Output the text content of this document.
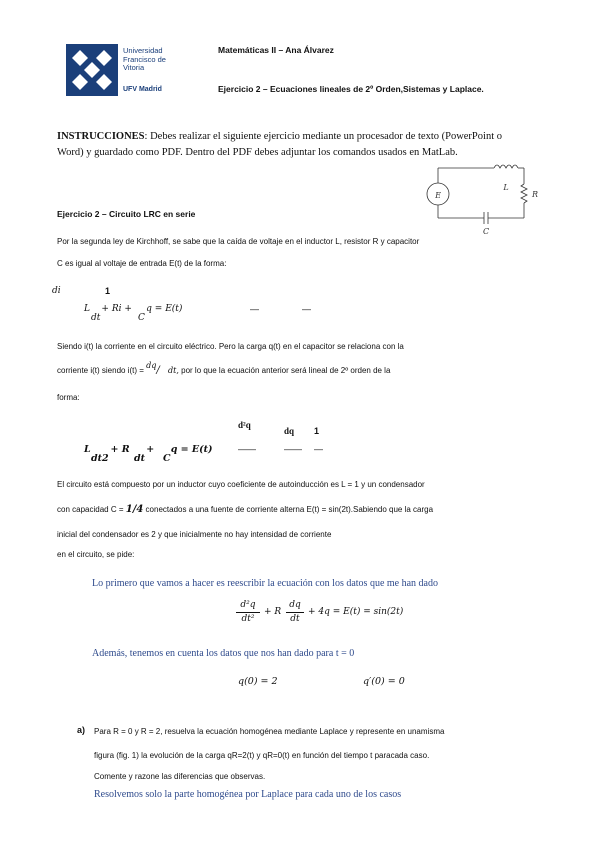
Universidad
Francisco de
Vitoria
UFV Madrid
Matemáticas II – Ana Álvarez
Ejercicio 2 – Ecuaciones lineales de 2º Orden,Sistemas y Laplace.
INSTRUCCIONES: Debes realizar el siguiente ejercicio mediante un procesador de texto (PowerPoint o
Word) y guardado como PDF. Dentro del PDF debes adjuntar los comandos usados en MatLab.
E
L
R
C
Ejercicio 2 – Circuito LRC en serie
Por la segunda ley de Kirchhoff, se sabe que la caída de voltaje en el inductor L, resistor R y capacitor
C es igual al voltaje de entrada E(t) de la forma:
di	1
L    + Ri +     q = E(t)
dt	C
—	—
Siendo i(t) la corriente en el circuito eléctrico. Pero la carga q(t) en el capacitor se relaciona con la
corriente i(t) siendo i(t) = dq/ dt, por lo que la ecuación anterior será lineal de 2º orden de la
forma:
d²q
dq 1
L      + R     +     q = E(t)
dt2	dt C
——	—— —
El circuito está compuesto por un inductor cuyo coeficiente de autoinducción es L = 1 y un condensador
con capacidad C = 1/4 conectados a una fuente de corriente alterna E(t) = sin(2t).Sabiendo que la carga
inicial del condensador es 2 y que inicialmente no hay intensidad de corriente
en el circuito, se pide:
Lo primero que vamos a hacer es reescribir la ecuación con los datos que me han dado
d²q
dt²
+ R
dq
dt
+ 4q = E(t) = sin(2t)
Además, tenemos en cuenta los datos que nos han dado para t = 0
q(0) = 2	q′(0) = 0
a) Para R = 0 y R = 2, resuelva la ecuación homogénea mediante Laplace y represente en unamisma
figura (fig. 1) la evolución de la carga qR=2(t) y qR=0(t) en función del tiempo t paracada caso.
Comente y razone las diferencias que observas.
Resolvemos solo la parte homogénea por Laplace para cada uno de los casos
